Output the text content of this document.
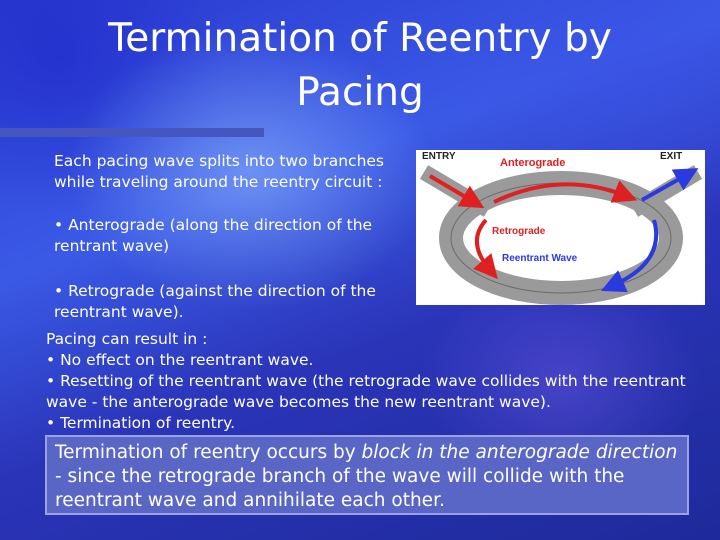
Termination of Reentry by Pacing
Each pacing wave splits into two branches while traveling around the reentry circuit :
• Anterograde (along the direction of the rentrant wave)
• Retrograde (against the direction of the reentrant wave).
Pacing can result in :
• No effect on the reentrant wave.
• Resetting of the reentrant wave (the retrograde wave collides with the reentrant wave - the anterograde wave becomes the new reentrant wave).
• Termination of reentry.
ENTRY	EXIT
Anterograde
Retrograde
Reentrant Wave
Termination of reentry occurs by block in the anterograde direction - since the retrograde branch of the wave will collide with the reentrant wave and annihilate each other.
